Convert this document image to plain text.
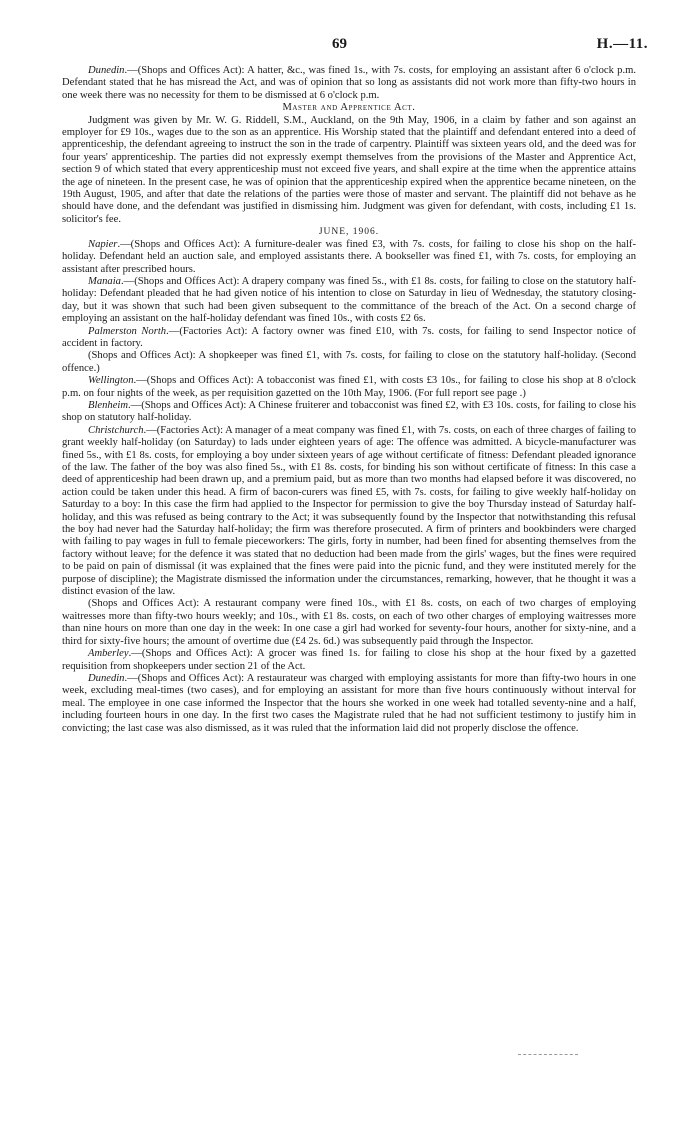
69	H.—11.

Dunedin.—(Shops and Offices Act): A hatter, &c., was fined 1s., with 7s. costs, for employing an assistant after 6 o'clock p.m. Defendant stated that he has misread the Act, and was of opinion that so long as assistants did not work more than fifty-two hours in one week there was no necessity for them to be dismissed at 6 o'clock p.m.

Master and Apprentice Act.

Judgment was given by Mr. W. G. Riddell, S.M., Auckland, on the 9th May, 1906, in a claim by father and son against an employer for £9 10s., wages due to the son as an apprentice. His Worship stated that the plaintiff and defendant entered into a deed of apprenticeship, the defendant agreeing to instruct the son in the trade of carpentry. Plaintiff was sixteen years old, and the deed was for four years' apprenticeship. The parties did not expressly exempt themselves from the provisions of the Master and Apprentice Act, section 9 of which stated that every apprenticeship must not exceed five years, and shall expire at the time when the apprentice attains the age of nineteen. In the present case, he was of opinion that the apprenticeship expired when the apprentice became nineteen, on the 19th August, 1905, and after that date the relations of the parties were those of master and servant. The plaintiff did not behave as he should have done, and the defendant was justified in dismissing him. Judgment was given for defendant, with costs, including £1 1s. solicitor's fee.

JUNE, 1906.

Napier.—(Shops and Offices Act): A furniture-dealer was fined £3, with 7s. costs, for failing to close his shop on the half-holiday. Defendant held an auction sale, and employed assistants there. A bookseller was fined £1, with 7s. costs, for employing an assistant after prescribed hours.

Manaia.—(Shops and Offices Act): A drapery company was fined 5s., with £1 8s. costs, for failing to close on the statutory half-holiday: Defendant pleaded that he had given notice of his intention to close on Saturday in lieu of Wednesday, the statutory closing-day, but it was shown that such had been given subsequent to the committance of the breach of the Act. On a second charge of employing an assistant on the half-holiday defendant was fined 10s., with costs £2 6s.

Palmerston North.—(Factories Act): A factory owner was fined £10, with 7s. costs, for failing to send Inspector notice of accident in factory.

(Shops and Offices Act): A shopkeeper was fined £1, with 7s. costs, for failing to close on the statutory half-holiday. (Second offence.)

Wellington.—(Shops and Offices Act): A tobacconist was fined £1, with costs £3 10s., for failing to close his shop at 8 o'clock p.m. on four nights of the week, as per requisition gazetted on the 10th May, 1906. (For full report see page .)

Blenheim.—(Shops and Offices Act): A Chinese fruiterer and tobacconist was fined £2, with £3 10s. costs, for failing to close his shop on statutory half-holiday.

Christchurch.—(Factories Act): A manager of a meat company was fined £1, with 7s. costs, on each of three charges of failing to grant weekly half-holiday (on Saturday) to lads under eighteen years of age: The offence was admitted. A bicycle-manufacturer was fined 5s., with £1 8s. costs, for employing a boy under sixteen years of age without certificate of fitness: Defendant pleaded ignorance of the law. The father of the boy was also fined 5s., with £1 8s. costs, for binding his son without certificate of fitness: In this case a deed of apprenticeship had been drawn up, and a premium paid, but as more than two months had elapsed before it was discovered, no action could be taken under this head. A firm of bacon-curers was fined £5, with 7s. costs, for failing to give weekly half-holiday on Saturday to a boy: In this case the firm had applied to the Inspector for permission to give the boy Thursday instead of Saturday half-holiday, and this was refused as being contrary to the Act; it was subsequently found by the Inspector that notwithstanding this refusal the boy had never had the Saturday half-holiday; the firm was therefore prosecuted. A firm of printers and bookbinders were charged with failing to pay wages in full to female pieceworkers: The girls, forty in number, had been fined for absenting themselves from the factory without leave; for the defence it was stated that no deduction had been made from the girls' wages, but the fines were required to be paid on pain of dismissal (it was explained that the fines were paid into the picnic fund, and they were instituted merely for the purpose of discipline); the Magistrate dismissed the information under the circumstances, remarking, however, that he thought it was a distinct evasion of the law.

(Shops and Offices Act): A restaurant company were fined 10s., with £1 8s. costs, on each of two charges of employing waitresses more than fifty-two hours weekly; and 10s., with £1 8s. costs, on each of two other charges of employing waitresses more than nine hours on more than one day in the week: In one case a girl had worked for seventy-four hours, another for sixty-nine, and a third for sixty-five hours; the amount of overtime due (£4 2s. 6d.) was subsequently paid through the Inspector.

Amberley.—(Shops and Offices Act): A grocer was fined 1s. for failing to close his shop at the hour fixed by a gazetted requisition from shopkeepers under section 21 of the Act.

Dunedin.—(Shops and Offices Act): A restaurateur was charged with employing assistants for more than fifty-two hours in one week, excluding meal-times (two cases), and for employing an assistant for more than five hours continuously without interval for meal. The employee in one case informed the Inspector that the hours she worked in one week had totalled seventy-nine and a half, including fourteen hours in one day. In the first two cases the Magistrate ruled that he had not sufficient testimony to justify him in convicting; the last case was also dismissed, as it was ruled that the information laid did not properly disclose the offence.
